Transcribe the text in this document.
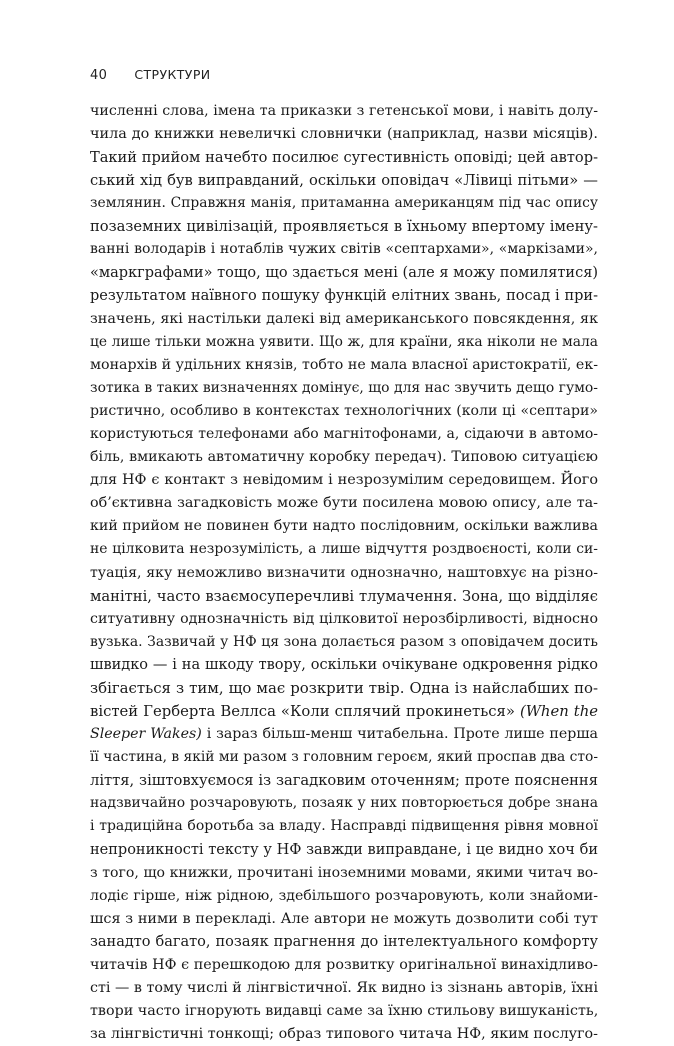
40 СТРУКТУРИ
численні слова, імена та приказки з гетенської мови, і навіть долу-
чила до книжки невеличкі словнички (наприклад, назви місяців).
Такий прийом начебто посилює сугестивність оповіді; цей автор-
ський хід був виправданий, оскільки оповідач «Лівиці пітьми» —
землянин. Справжня манія, притаманна американцям під час опису
позаземних цивілізацій, проявляється в їхньому впертому імену-
ванні володарів і нотаблів чужих світів «септархами», «маркізами»,
«маркграфами» тощо, що здається мені (але я можу помилятися)
результатом наївного пошуку функцій елітних звань, посад і при-
значень, які настільки далекі від американського повсякдення, як
це лише тільки можна уявити. Що ж, для країни, яка ніколи не мала
монархів й удільних князів, тобто не мала власної аристократії, ек-
зотика в таких визначеннях домінує, що для нас звучить дещо гумо-
ристично, особливо в контекстах технологічних (коли ці «септари»
користуються телефонами або магнітофонами, а, сідаючи в автомо-
біль, вмикають автоматичну коробку передач). Типовою ситуацією
для НФ є контакт з невідомим і незрозумілим середовищем. Його
об’єктивна загадковість може бути посилена мовою опису, але та-
кий прийом не повинен бути надто послідовним, оскільки важлива
не цілковита незрозумілість, а лише відчуття роздвоєності, коли си-
туація, яку неможливо визначити однозначно, наштовхує на різно-
манітні, часто взаємосуперечливі тлумачення. Зона, що відділяє
ситуативну однозначність від цілковитої нерозбірливості, відносно
вузька. Зазвичай у НФ ця зона долається разом з оповідачем досить
швидко — і на шкоду твору, оскільки очікуване одкровення рідко
збігається з тим, що має розкрити твір. Одна із найслабших по-
вістей Герберта Веллса «Коли сплячий прокинеться» (When the
Sleeper Wakes) і зараз більш-менш читабельна. Проте лише перша
її частина, в якій ми разом з головним героєм, який проспав два сто-
ліття, зіштовхуємося із загадковим оточенням; проте пояснення
надзвичайно розчаровують, позаяк у них повторюється добре знана
і традиційна боротьба за владу. Насправді підвищення рівня мовної
непроникності тексту у НФ завжди виправдане, і це видно хоч би
з того, що книжки, прочитані іноземними мовами, якими читач во-
лодіє гірше, ніж рідною, здебільшого розчаровують, коли знайоми-
шся з ними в перекладі. Але автори не можуть дозволити собі тут
занадто багато, позаяк прагнення до інтелектуального комфорту
читачів НФ є перешкодою для розвитку оригінальної винахідливо-
сті — в тому числі й лінгвістичної. Як видно із зізнань авторів, їхні
твори часто ігнорують видавці саме за їхню стильову вишуканість,
за лінгвістичні тонкощі; образ типового читача НФ, яким послуго-
